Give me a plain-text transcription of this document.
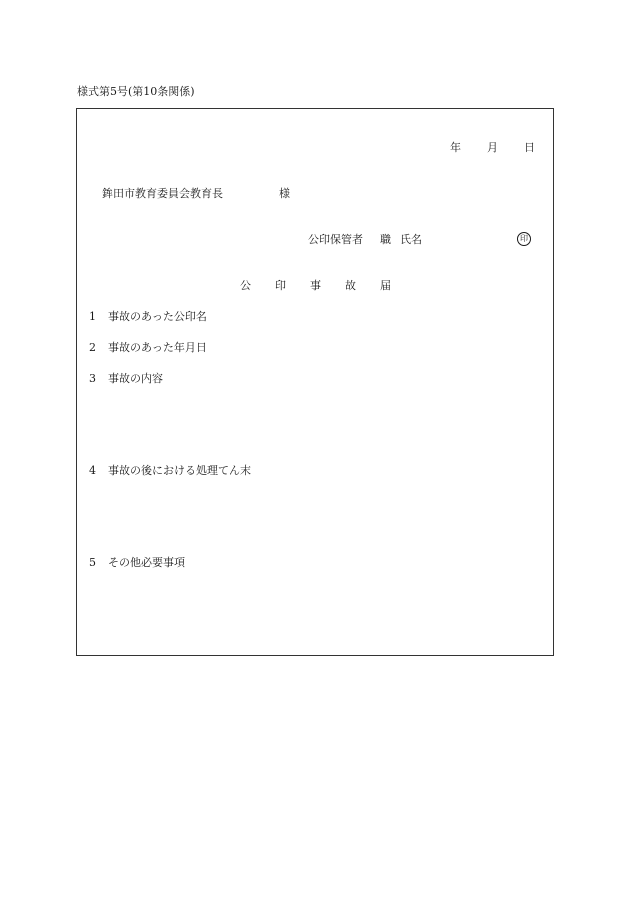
様式第5号(第10条関係)
年 月 日
鉾田市教育委員会教育長	様
公印保管者 職 氏名	印
公印事故届
1 事故のあった公印名
2 事故のあった年月日
3 事故の内容
4 事故の後における処理てん末
5 その他必要事項
